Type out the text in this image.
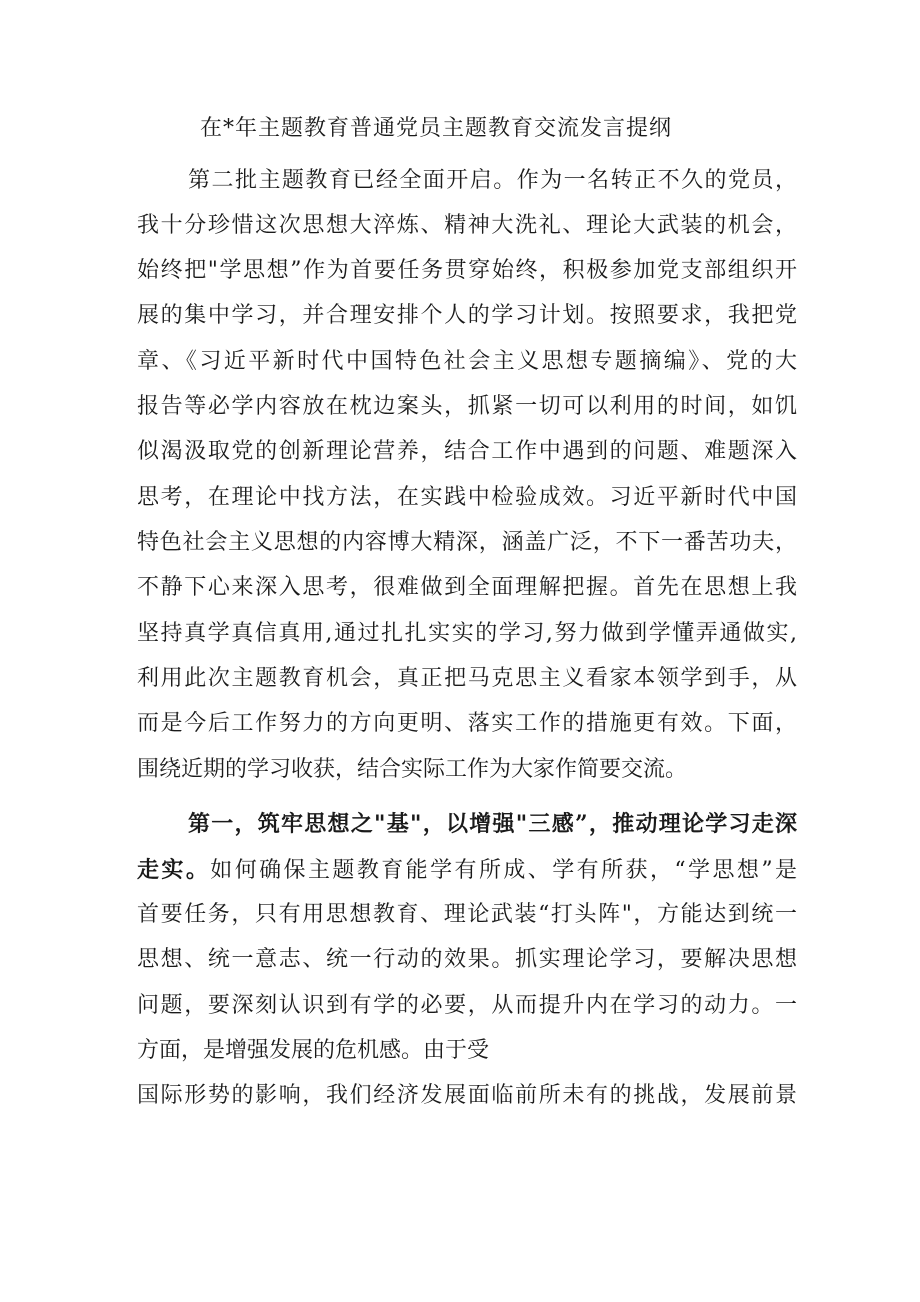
在*年主题教育普通党员主题教育交流发言提纲
第二批主题教育已经全面开启。作为一名转正不久的党员，
我十分珍惜这次思想大淬炼、精神大洗礼、理论大武装的机会，
始终把"学思想”作为首要任务贯穿始终，积极参加党支部组织开
展的集中学习，并合理安排个人的学习计划。按照要求，我把党
章、《习近平新时代中国特色社会主义思想专题摘编》、党的大
报告等必学内容放在枕边案头，抓紧一切可以利用的时间，如饥
似渴汲取党的创新理论营养，结合工作中遇到的问题、难题深入
思考，在理论中找方法，在实践中检验成效。习近平新时代中国
特色社会主义思想的内容博大精深，涵盖广泛，不下一番苦功夫，
不静下心来深入思考，很难做到全面理解把握。首先在思想上我
坚持真学真信真用,通过扎扎实实的学习,努力做到学懂弄通做实,
利用此次主题教育机会，真正把马克思主义看家本领学到手，从
而是今后工作努力的方向更明、落实工作的措施更有效。下面，
围绕近期的学习收获，结合实际工作为大家作简要交流。
第一，筑牢思想之"基"，以增强"三感”，推动理论学习走深
走实。如何确保主题教育能学有所成、学有所获，“学思想”是
首要任务，只有用思想教育、理论武装“打头阵"，方能达到统一
思想、统一意志、统一行动的效果。抓实理论学习，要解决思想
问题，要深刻认识到有学的必要，从而提升内在学习的动力。一
方面，是增强发展的危机感。由于受
国际形势的影响，我们经济发展面临前所未有的挑战，发展前景
